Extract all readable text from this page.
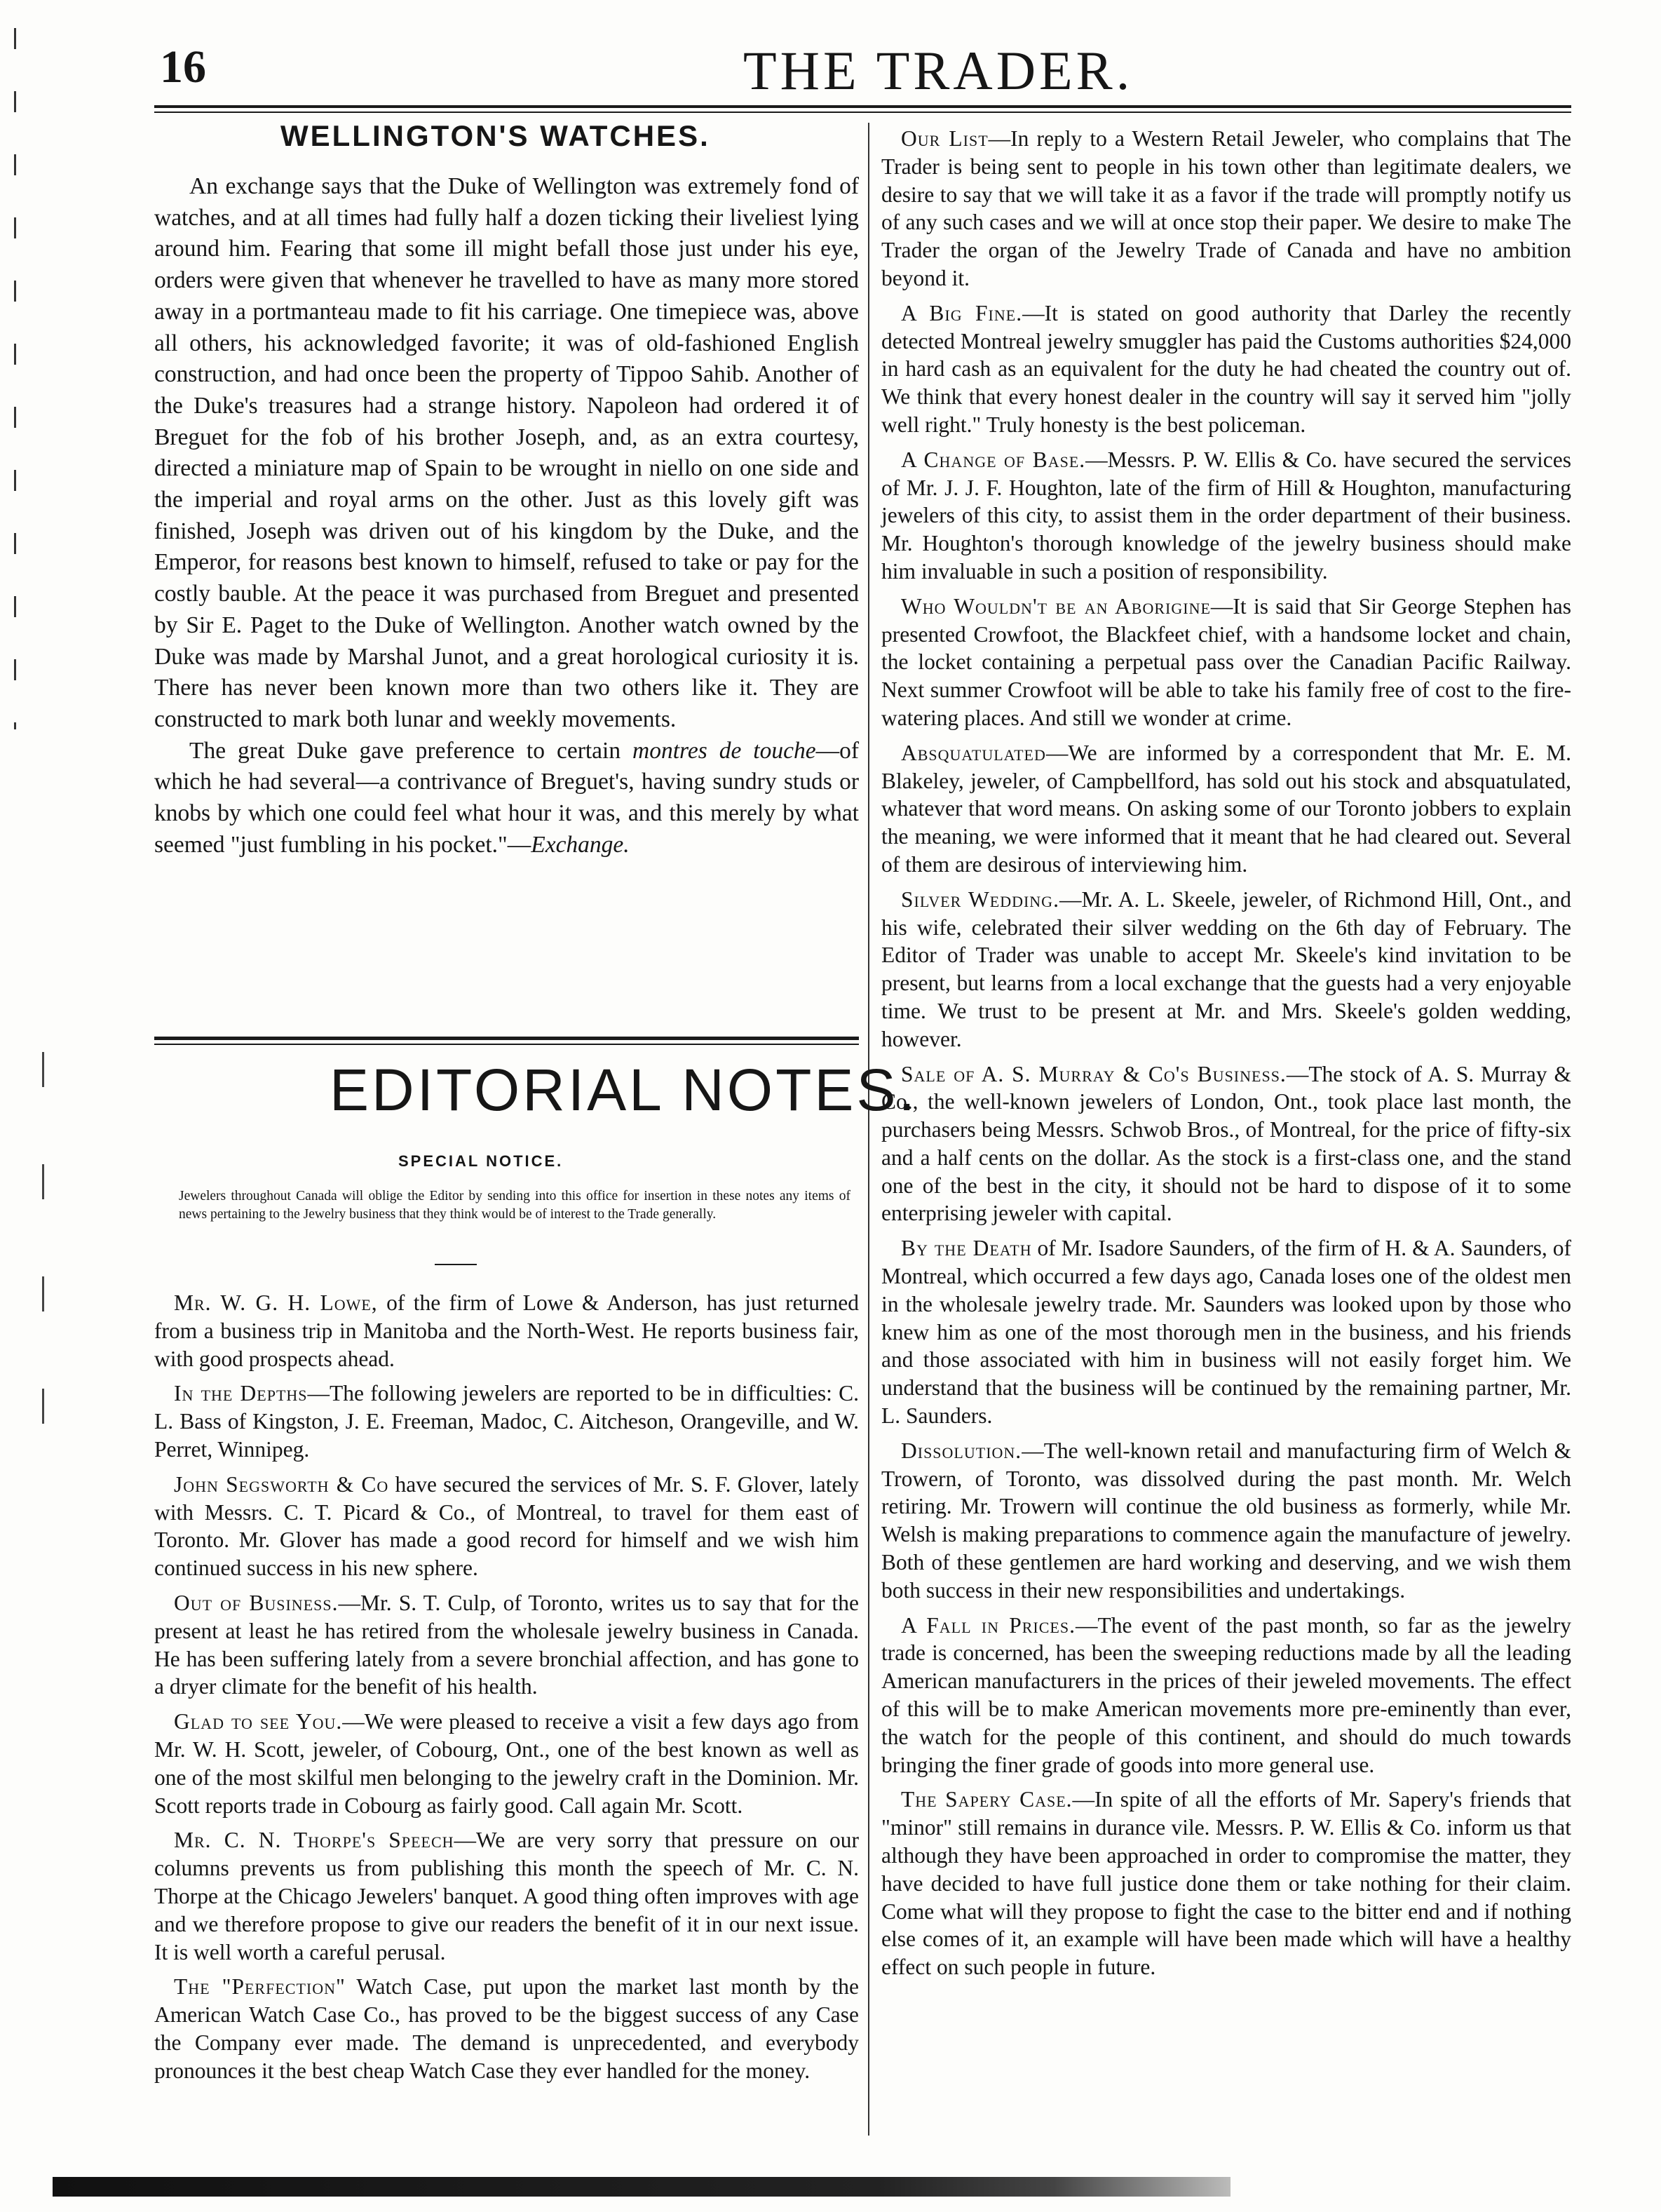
16	THE TRADER.
WELLINGTON'S WATCHES.

An exchange says that the Duke of Wellington was extremely fond of watches, and at all times had fully half a dozen ticking their liveliest lying around him. Fearing that some ill might befall those just under his eye, orders were given that whenever he travelled to have as many more stored away in a portmanteau made to fit his carriage. One timepiece was, above all others, his acknowledged favorite; it was of old-fashioned English construction, and had once been the property of Tippoo Sahib. Another of the Duke's treasures had a strange history. Napoleon had ordered it of Breguet for the fob of his brother Joseph, and, as an extra courtesy, directed a miniature map of Spain to be wrought in niello on one side and the imperial and royal arms on the other. Just as this lovely gift was finished, Joseph was driven out of his kingdom by the Duke, and the Emperor, for reasons best known to himself, refused to take or pay for the costly bauble. At the peace it was purchased from Breguet and presented by Sir E. Paget to the Duke of Wellington. Another watch owned by the Duke was made by Marshal Junot, and a great horological curiosity it is. There has never been known more than two others like it. They are constructed to mark both lunar and weekly movements.

The great Duke gave preference to certain montres de touche—of which he had several—a contrivance of Breguet's, having sundry studs or knobs by which one could feel what hour it was, and this merely by what seemed "just fumbling in his pocket."—Exchange.

EDITORIAL NOTES.
SPECIAL NOTICE.
Jewelers throughout Canada will oblige the Editor by sending into this office for insertion in these notes any items of news pertaining to the Jewelry business that they think would be of interest to the Trade generally.

Mr. W. G. H. Lowe, of the firm of Lowe & Anderson, has just returned from a business trip in Manitoba and the North-West. He reports business fair, with good prospects ahead.

In the Depths—The following jewelers are reported to be in difficulties: C. L. Bass of Kingston, J. E. Freeman, Madoc, C. Aitcheson, Orangeville, and W. Perret, Winnipeg.

John Segsworth & Co have secured the services of Mr. S. F. Glover, lately with Messrs. C. T. Picard & Co., of Montreal, to travel for them east of Toronto. Mr. Glover has made a good record for himself and we wish him continued success in his new sphere.

Out of Business.—Mr. S. T. Culp, of Toronto, writes us to say that for the present at least he has retired from the wholesale jewelry business in Canada. He has been suffering lately from a severe bronchial affection, and has gone to a dryer climate for the benefit of his health.

Glad to see You.—We were pleased to receive a visit a few days ago from Mr. W. H. Scott, jeweler, of Cobourg, Ont., one of the best known as well as one of the most skilful men belonging to the jewelry craft in the Dominion. Mr. Scott reports trade in Cobourg as fairly good. Call again Mr. Scott.

Mr. C. N. Thorpe's Speech—We are very sorry that pressure on our columns prevents us from publishing this month the speech of Mr. C. N. Thorpe at the Chicago Jewelers' banquet. A good thing often improves with age and we therefore propose to give our readers the benefit of it in our next issue. It is well worth a careful perusal.

The "Perfection" Watch Case, put upon the market last month by the American Watch Case Co., has proved to be the biggest success of any Case the Company ever made. The demand is unprecedented, and everybody pronounces it the best cheap Watch Case they ever handled for the money.

Our List—In reply to a Western Retail Jeweler, who complains that The Trader is being sent to people in his town other than legitimate dealers, we desire to say that we will take it as a favor if the trade will promptly notify us of any such cases and we will at once stop their paper. We desire to make The Trader the organ of the Jewelry Trade of Canada and have no ambition beyond it.

A Big Fine.—It is stated on good authority that Darley the recently detected Montreal jewelry smuggler has paid the Customs authorities $24,000 in hard cash as an equivalent for the duty he had cheated the country out of. We think that every honest dealer in the country will say it served him "jolly well right." Truly honesty is the best policeman.

A Change of Base.—Messrs. P. W. Ellis & Co. have secured the services of Mr. J. J. F. Houghton, late of the firm of Hill & Houghton, manufacturing jewelers of this city, to assist them in the order department of their business. Mr. Houghton's thorough knowledge of the jewelry business should make him invaluable in such a position of responsibility.

Who Wouldn't be an Aborigine—It is said that Sir George Stephen has presented Crowfoot, the Blackfeet chief, with a handsome locket and chain, the locket containing a perpetual pass over the Canadian Pacific Railway. Next summer Crowfoot will be able to take his family free of cost to the fire-watering places. And still we wonder at crime.

Absquatulated—We are informed by a correspondent that Mr. E. M. Blakeley, jeweler, of Campbellford, has sold out his stock and absquatulated, whatever that word means. On asking some of our Toronto jobbers to explain the meaning, we were informed that it meant that he had cleared out. Several of them are desirous of interviewing him.

Silver Wedding.—Mr. A. L. Skeele, jeweler, of Richmond Hill, Ont., and his wife, celebrated their silver wedding on the 6th day of February. The Editor of Trader was unable to accept Mr. Skeele's kind invitation to be present, but learns from a local exchange that the guests had a very enjoyable time. We trust to be present at Mr. and Mrs. Skeele's golden wedding, however.

Sale of A. S. Murray & Co's Business.—The stock of A. S. Murray & Co., the well-known jewelers of London, Ont., took place last month, the purchasers being Messrs. Schwob Bros., of Montreal, for the price of fifty-six and a half cents on the dollar. As the stock is a first-class one, and the stand one of the best in the city, it should not be hard to dispose of it to some enterprising jeweler with capital.

By the Death of Mr. Isadore Saunders, of the firm of H. & A. Saunders, of Montreal, which occurred a few days ago, Canada loses one of the oldest men in the wholesale jewelry trade. Mr. Saunders was looked upon by those who knew him as one of the most thorough men in the business, and his friends and those associated with him in business will not easily forget him. We understand that the business will be continued by the remaining partner, Mr. L. Saunders.

Dissolution.—The well-known retail and manufacturing firm of Welch & Trowern, of Toronto, was dissolved during the past month. Mr. Welch retiring. Mr. Trowern will continue the old business as formerly, while Mr. Welsh is making preparations to commence again the manufacture of jewelry. Both of these gentlemen are hard working and deserving, and we wish them both success in their new responsibilities and undertakings.

A Fall in Prices.—The event of the past month, so far as the jewelry trade is concerned, has been the sweeping reductions made by all the leading American manufacturers in the prices of their jeweled movements. The effect of this will be to make American movements more pre-eminently than ever, the watch for the people of this continent, and should do much towards bringing the finer grade of goods into more general use.

The Sapery Case.—In spite of all the efforts of Mr. Sapery's friends that "minor" still remains in durance vile. Messrs. P. W. Ellis & Co. inform us that although they have been approached in order to compromise the matter, they have decided to have full justice done them or take nothing for their claim. Come what will they propose to fight the case to the bitter end and if nothing else comes of it, an example will have been made which will have a healthy effect on such people in future.
